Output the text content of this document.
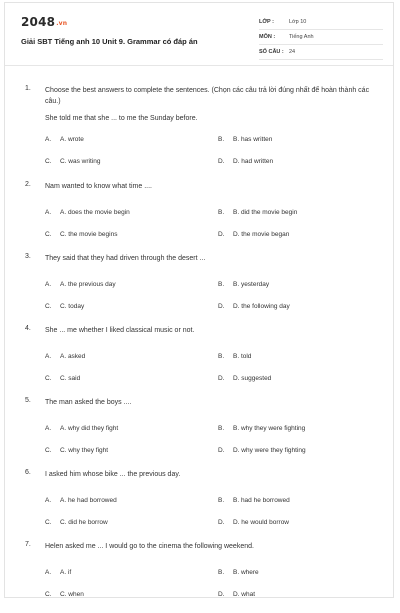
2048.vn
Giải SBT Tiếng anh 10 Unit 9. Grammar có đáp án
LỚP :	Lớp 10
MÔN :	Tiếng Anh
SỐ CÂU : 24
1. Choose the best answers to complete the sentences. (Chọn các câu trả lời đúng nhất để hoàn thành các câu.)
She told me that she ... to me the Sunday before.
A. A. wrote	B. B. has written
C. C. was writing	D. D. had written
2. Nam wanted to know what time ....
A. A. does the movie begin	B. B. did the movie begin
C. C. the movie begins	D. D. the movie began
3. They said that they had driven through the desert ...
A. A. the previous day	B. B. yesterday
C. C. today	D. D. the following day
4. She ... me whether I liked classical music or not.
A. A. asked	B. B. told
C. C. said	D. D. suggested
5. The man asked the boys ....
A. A. why did they fight	B. B. why they were fighting
C. C. why they fight	D. D. why were they fighting
6. I asked him whose bike ... the previous day.
A. A. he had borrowed	B. B. had he borrowed
C. C. did he borrow	D. D. he would borrow
7. Helen asked me ... I would go to the cinema the following weekend.
A. A. if	B. B. where
C. C. when	D. D. what
